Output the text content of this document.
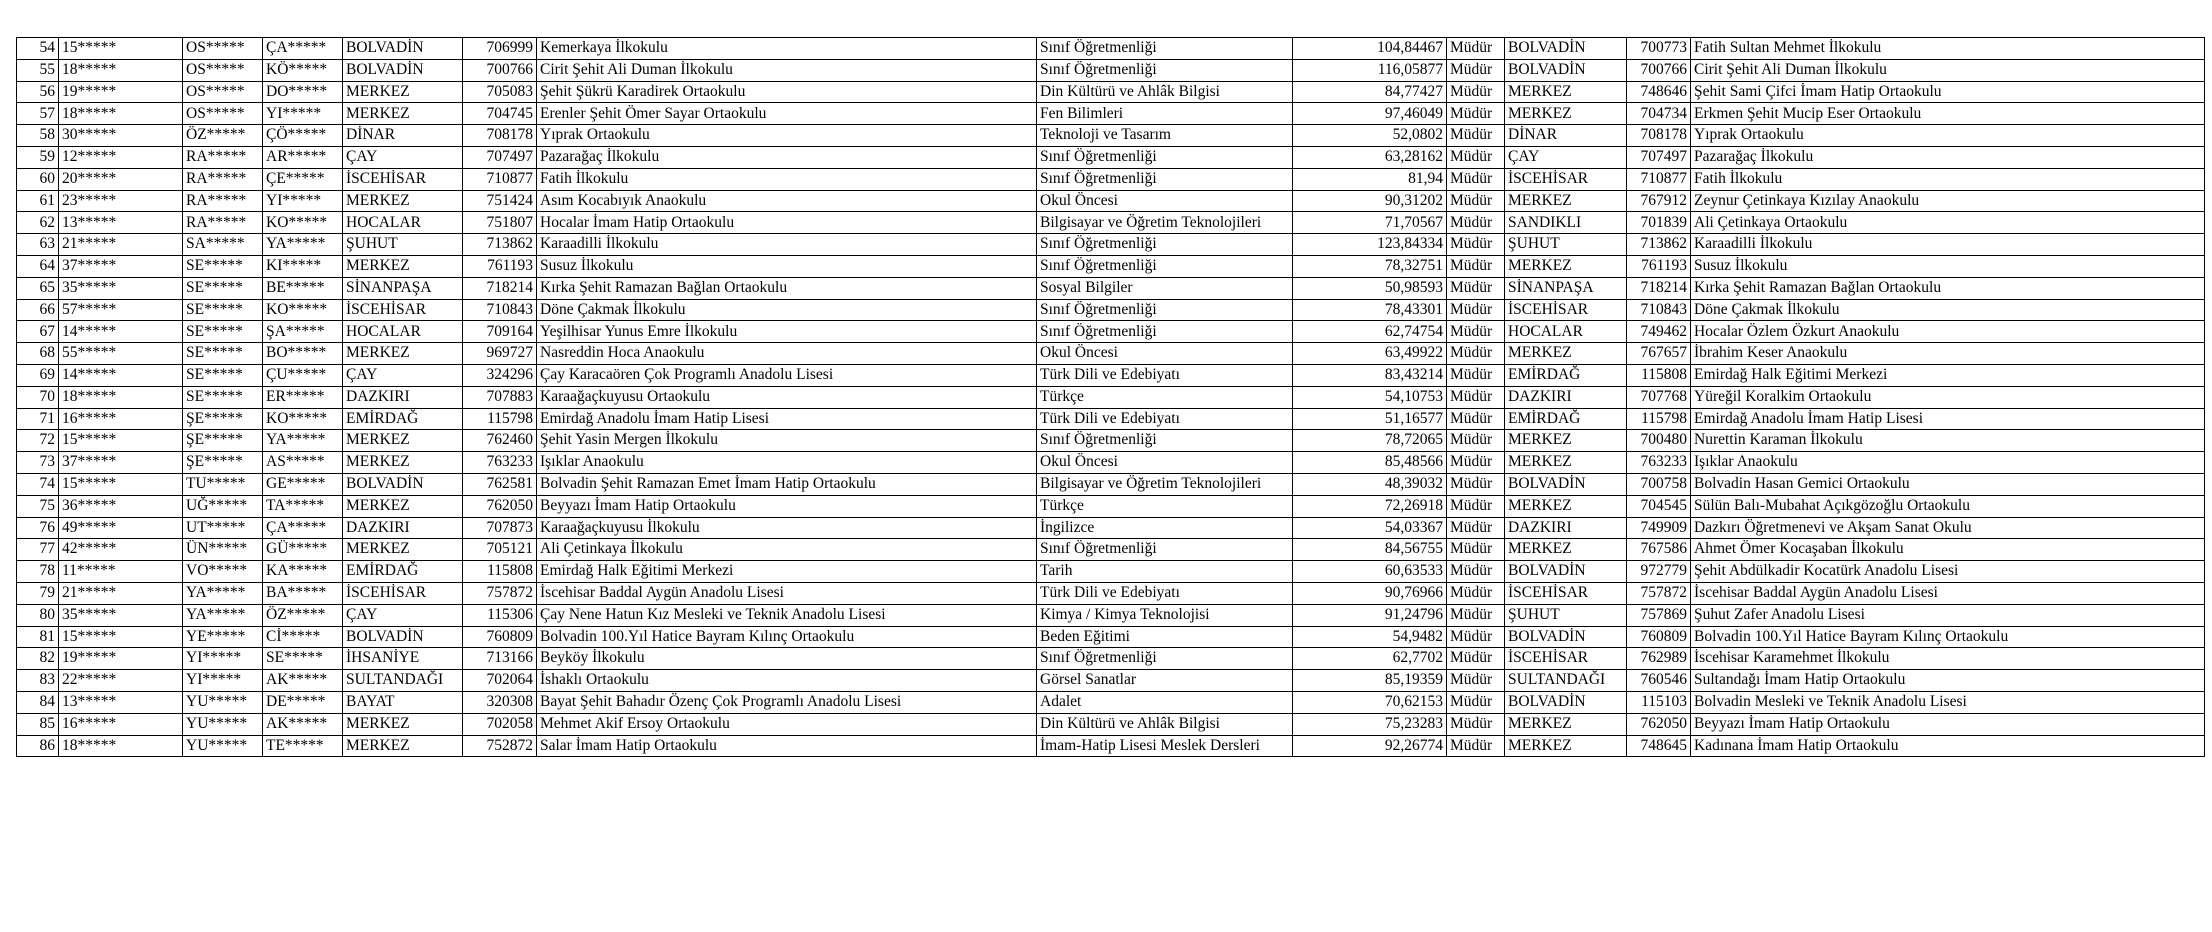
54	15*****	OS*****	ÇA*****	BOLVADİN	706999	Kemerkaya İlkokulu	Sınıf Öğretmenliği	104,84467	Müdür	BOLVADİN	700773	Fatih Sultan Mehmet İlkokulu
55	18*****	OS*****	KÖ*****	BOLVADİN	700766	Cirit Şehit Ali Duman İlkokulu	Sınıf Öğretmenliği	116,05877	Müdür	BOLVADİN	700766	Cirit Şehit Ali Duman İlkokulu
56	19*****	OS*****	DO*****	MERKEZ	705083	Şehit Şükrü Karadirek Ortaokulu	Din Kültürü ve Ahlâk Bilgisi	84,77427	Müdür	MERKEZ	748646	Şehit Sami Çifci İmam Hatip Ortaokulu
57	18*****	OS*****	YI*****	MERKEZ	704745	Erenler Şehit Ömer Sayar Ortaokulu	Fen Bilimleri	97,46049	Müdür	MERKEZ	704734	Erkmen Şehit Mucip Eser Ortaokulu
58	30*****	ÖZ*****	ÇÖ*****	DİNAR	708178	Yıprak Ortaokulu	Teknoloji ve Tasarım	52,0802	Müdür	DİNAR	708178	Yıprak Ortaokulu
59	12*****	RA*****	AR*****	ÇAY	707497	Pazarağaç İlkokulu	Sınıf Öğretmenliği	63,28162	Müdür	ÇAY	707497	Pazarağaç İlkokulu
60	20*****	RA*****	ÇE*****	İSCEHİSAR	710877	Fatih İlkokulu	Sınıf Öğretmenliği	81,94	Müdür	İSCEHİSAR	710877	Fatih İlkokulu
61	23*****	RA*****	YI*****	MERKEZ	751424	Asım Kocabıyık Anaokulu	Okul Öncesi	90,31202	Müdür	MERKEZ	767912	Zeynur Çetinkaya Kızılay Anaokulu
62	13*****	RA*****	KO*****	HOCALAR	751807	Hocalar İmam Hatip Ortaokulu	Bilgisayar ve Öğretim Teknolojileri	71,70567	Müdür	SANDIKLI	701839	Ali Çetinkaya Ortaokulu
63	21*****	SA*****	YA*****	ŞUHUT	713862	Karaadilli İlkokulu	Sınıf Öğretmenliği	123,84334	Müdür	ŞUHUT	713862	Karaadilli İlkokulu
64	37*****	SE*****	KI*****	MERKEZ	761193	Susuz İlkokulu	Sınıf Öğretmenliği	78,32751	Müdür	MERKEZ	761193	Susuz İlkokulu
65	35*****	SE*****	BE*****	SİNANPAŞA	718214	Kırka Şehit Ramazan Bağlan Ortaokulu	Sosyal Bilgiler	50,98593	Müdür	SİNANPAŞA	718214	Kırka Şehit Ramazan Bağlan Ortaokulu
66	57*****	SE*****	KO*****	İSCEHİSAR	710843	Döne Çakmak İlkokulu	Sınıf Öğretmenliği	78,43301	Müdür	İSCEHİSAR	710843	Döne Çakmak İlkokulu
67	14*****	SE*****	ŞA*****	HOCALAR	709164	Yeşilhisar Yunus Emre İlkokulu	Sınıf Öğretmenliği	62,74754	Müdür	HOCALAR	749462	Hocalar Özlem Özkurt Anaokulu
68	55*****	SE*****	BO*****	MERKEZ	969727	Nasreddin Hoca Anaokulu	Okul Öncesi	63,49922	Müdür	MERKEZ	767657	İbrahim Keser Anaokulu
69	14*****	SE*****	ÇU*****	ÇAY	324296	Çay Karacaören Çok Programlı Anadolu Lisesi	Türk Dili ve Edebiyatı	83,43214	Müdür	EMİRDAĞ	115808	Emirdağ Halk Eğitimi Merkezi
70	18*****	SE*****	ER*****	DAZKIRI	707883	Karaağaçkuyusu Ortaokulu	Türkçe	54,10753	Müdür	DAZKIRI	707768	Yüreğil Koralkim Ortaokulu
71	16*****	ŞE*****	KO*****	EMİRDAĞ	115798	Emirdağ Anadolu İmam Hatip Lisesi	Türk Dili ve Edebiyatı	51,16577	Müdür	EMİRDAĞ	115798	Emirdağ Anadolu İmam Hatip Lisesi
72	15*****	ŞE*****	YA*****	MERKEZ	762460	Şehit Yasin Mergen İlkokulu	Sınıf Öğretmenliği	78,72065	Müdür	MERKEZ	700480	Nurettin Karaman İlkokulu
73	37*****	ŞE*****	AS*****	MERKEZ	763233	Işıklar Anaokulu	Okul Öncesi	85,48566	Müdür	MERKEZ	763233	Işıklar Anaokulu
74	15*****	TU*****	GE*****	BOLVADİN	762581	Bolvadin Şehit Ramazan Emet İmam Hatip Ortaokulu	Bilgisayar ve Öğretim Teknolojileri	48,39032	Müdür	BOLVADİN	700758	Bolvadin Hasan Gemici Ortaokulu
75	36*****	UĞ*****	TA*****	MERKEZ	762050	Beyyazı İmam Hatip Ortaokulu	Türkçe	72,26918	Müdür	MERKEZ	704545	Sülün Balı-Mubahat Açıkgözoğlu Ortaokulu
76	49*****	UT*****	ÇA*****	DAZKIRI	707873	Karaağaçkuyusu İlkokulu	İngilizce	54,03367	Müdür	DAZKIRI	749909	Dazkırı Öğretmenevi ve Akşam Sanat Okulu
77	42*****	ÜN*****	GÜ*****	MERKEZ	705121	Ali Çetinkaya İlkokulu	Sınıf Öğretmenliği	84,56755	Müdür	MERKEZ	767586	Ahmet Ömer Kocaşaban İlkokulu
78	11*****	VO*****	KA*****	EMİRDAĞ	115808	Emirdağ Halk Eğitimi Merkezi	Tarih	60,63533	Müdür	BOLVADİN	972779	Şehit Abdülkadir Kocatürk Anadolu Lisesi
79	21*****	YA*****	BA*****	İSCEHİSAR	757872	İscehisar Baddal Aygün Anadolu Lisesi	Türk Dili ve Edebiyatı	90,76966	Müdür	İSCEHİSAR	757872	İscehisar Baddal Aygün Anadolu Lisesi
80	35*****	YA*****	ÖZ*****	ÇAY	115306	Çay Nene Hatun Kız Mesleki ve Teknik Anadolu Lisesi	Kimya / Kimya Teknolojisi	91,24796	Müdür	ŞUHUT	757869	Şuhut Zafer Anadolu Lisesi
81	15*****	YE*****	Cİ*****	BOLVADİN	760809	Bolvadin 100.Yıl Hatice Bayram Kılınç Ortaokulu	Beden Eğitimi	54,9482	Müdür	BOLVADİN	760809	Bolvadin 100.Yıl Hatice Bayram Kılınç Ortaokulu
82	19*****	YI*****	SE*****	İHSANİYE	713166	Beyköy İlkokulu	Sınıf Öğretmenliği	62,7702	Müdür	İSCEHİSAR	762989	İscehisar Karamehmet İlkokulu
83	22*****	YI*****	AK*****	SULTANDAĞI	702064	İshaklı Ortaokulu	Görsel Sanatlar	85,19359	Müdür	SULTANDAĞI	760546	Sultandağı İmam Hatip Ortaokulu
84	13*****	YU*****	DE*****	BAYAT	320308	Bayat Şehit Bahadır Özenç Çok Programlı Anadolu Lisesi	Adalet	70,62153	Müdür	BOLVADİN	115103	Bolvadin Mesleki ve Teknik Anadolu Lisesi
85	16*****	YU*****	AK*****	MERKEZ	702058	Mehmet Akif Ersoy Ortaokulu	Din Kültürü ve Ahlâk Bilgisi	75,23283	Müdür	MERKEZ	762050	Beyyazı İmam Hatip Ortaokulu
86	18*****	YU*****	TE*****	MERKEZ	752872	Salar İmam Hatip Ortaokulu	İmam-Hatip Lisesi Meslek Dersleri	92,26774	Müdür	MERKEZ	748645	Kadınana İmam Hatip Ortaokulu
